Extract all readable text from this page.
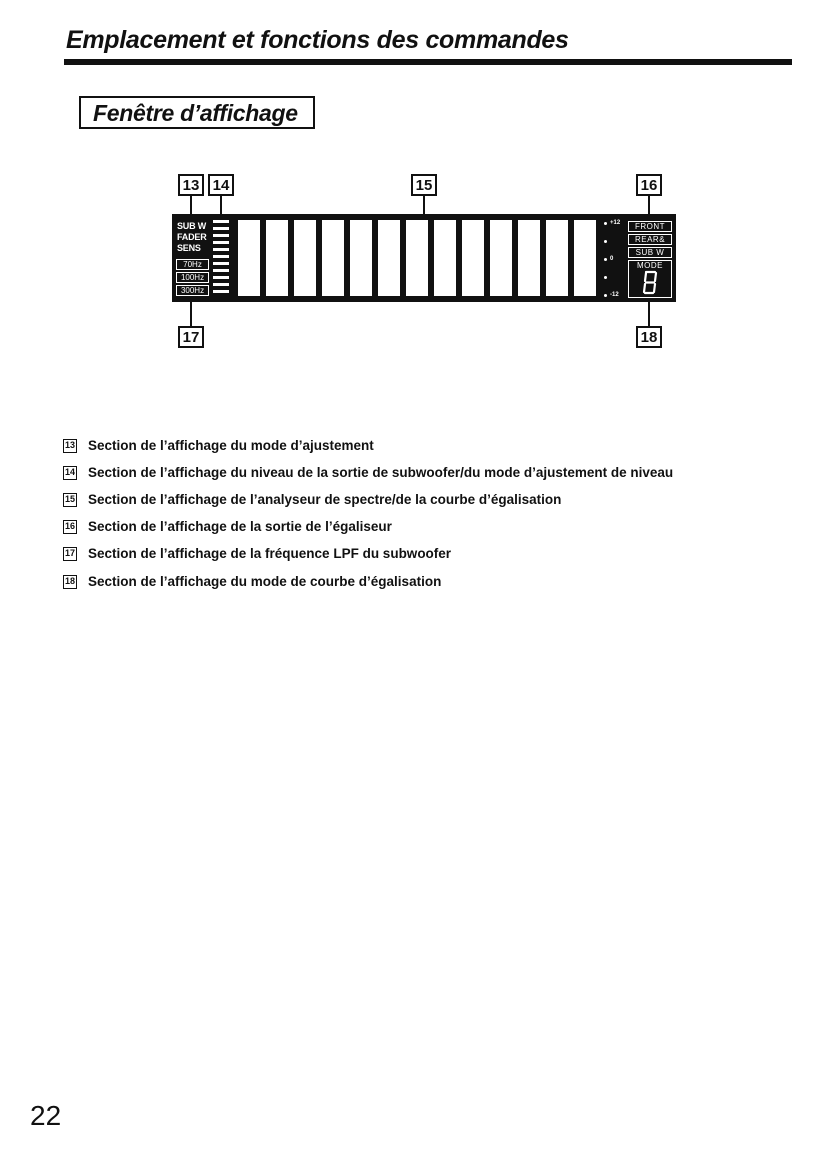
Emplacement et fonctions des commandes
Fenêtre d’affichage
13 14	15	16
17	18
SUB W
FADER
SENS
70Hz
100Hz
300Hz
+12
0
-12
FRONT
REAR&
SUB W
MODE
13 Section de l’affichage du mode d’ajustement
14 Section de l’affichage du niveau de la sortie de subwoofer/du mode d’ajustement de niveau
15 Section de l’affichage de l’analyseur de spectre/de la courbe d’égalisation
16 Section de l’affichage de la sortie de l’égaliseur
17 Section de l’affichage de la fréquence LPF du subwoofer
18 Section de l’affichage du mode de courbe d’égalisation
22
